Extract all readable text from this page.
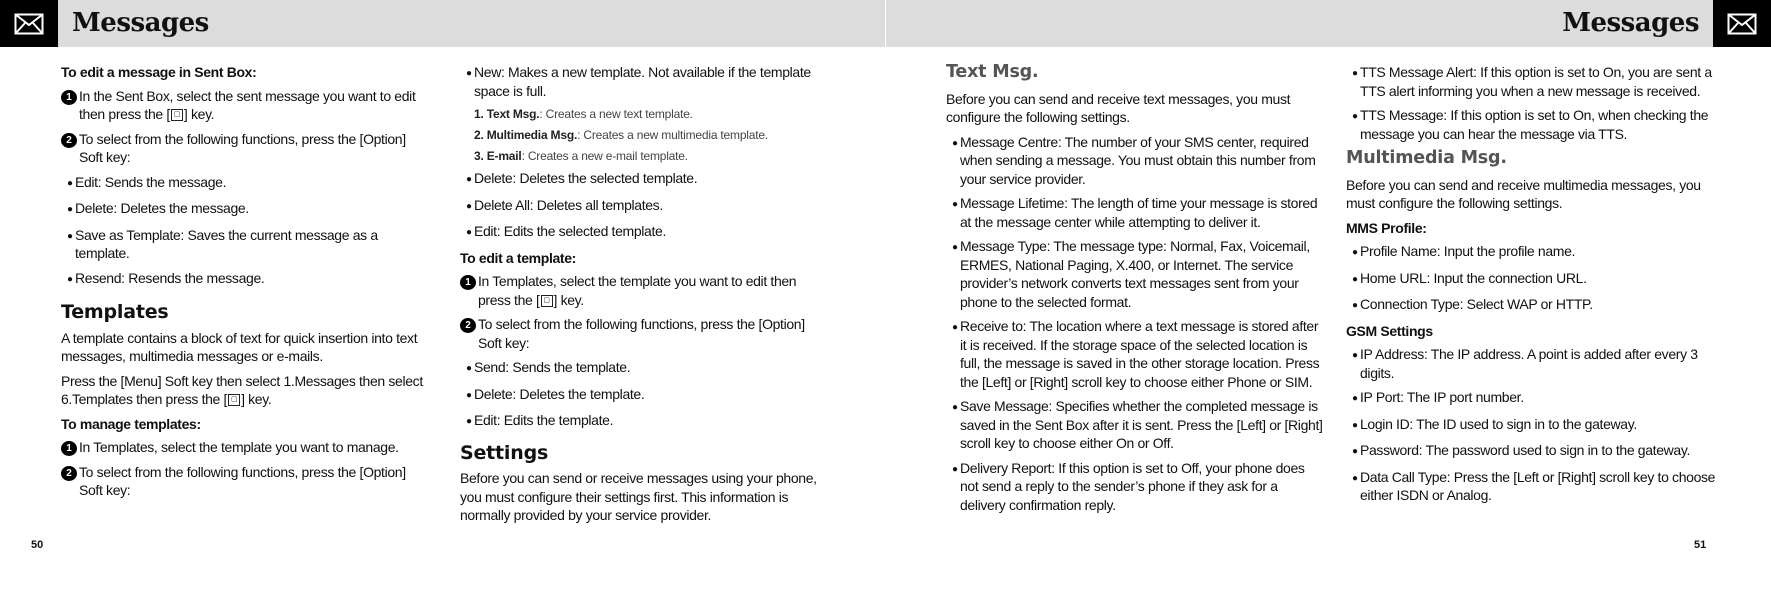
Messages
To edit a message in Sent Box:
1 In the Sent Box, select the sent message you want to edit then press the [ ▢ ] key.
2 To select from the following functions, press the [Option] Soft key:
● Edit: Sends the message.
● Delete: Deletes the message.
● Save as Template: Saves the current message as a template.
● Resend: Resends the message.
Templates
A template contains a block of text for quick insertion into text messages, multimedia messages or e-mails.
Press the [Menu] Soft key then select 1.Messages then select 6.Templates then press the [ ▢ ] key.
To manage templates:
1 In Templates, select the template you want to manage.
2 To select from the following functions, press the [Option] Soft key:
● New: Makes a new template. Not available if the template space is full.
1. Text Msg.: Creates a new text template.
2. Multimedia Msg.: Creates a new multimedia template.
3. E-mail: Creates a new e-mail template.
● Delete: Deletes the selected template.
● Delete All: Deletes all templates.
● Edit: Edits the selected template.
To edit a template:
1 In Templates, select the template you want to edit then press the [ ▢ ] key.
2 To select from the following functions, press the [Option] Soft key:
● Send: Sends the template.
● Delete: Deletes the template.
● Edit: Edits the template.
Settings
Before you can send or receive messages using your phone, you must configure their settings first. This information is normally provided by your service provider.
50
Messages
Text Msg.
Before you can send and receive text messages, you must configure the following settings.
● Message Centre: The number of your SMS center, required when sending a message. You must obtain this number from your service provider.
● Message Lifetime: The length of time your message is stored at the message center while attempting to deliver it.
● Message Type: The message type: Normal, Fax, Voicemail, ERMES, National Paging, X.400, or Internet. The service provider’s network converts text messages sent from your phone to the selected format.
● Receive to: The location where a text message is stored after it is received. If the storage space of the selected location is full, the message is saved in the other storage location. Press the [Left] or [Right] scroll key to choose either Phone or SIM.
● Save Message: Specifies whether the completed message is saved in the Sent Box after it is sent. Press the [Left] or [Right] scroll key to choose either On or Off.
● Delivery Report: If this option is set to Off, your phone does not send a reply to the sender’s phone if they ask for a delivery confirmation reply.
● TTS Message Alert: If this option is set to On, you are sent a TTS alert informing you when a new message is received.
● TTS Message: If this option is set to On, when checking the message you can hear the message via TTS.
Multimedia Msg.
Before you can send and receive multimedia messages, you must configure the following settings.
MMS Profile:
● Profile Name: Input the profile name.
● Home URL: Input the connection URL.
● Connection Type: Select WAP or HTTP.
GSM Settings
● IP Address: The IP address. A point is added after every 3 digits.
● IP Port: The IP port number.
● Login ID: The ID used to sign in to the gateway.
● Password: The password used to sign in to the gateway.
● Data Call Type: Press the [Left or [Right] scroll key to choose either ISDN or Analog.
51
